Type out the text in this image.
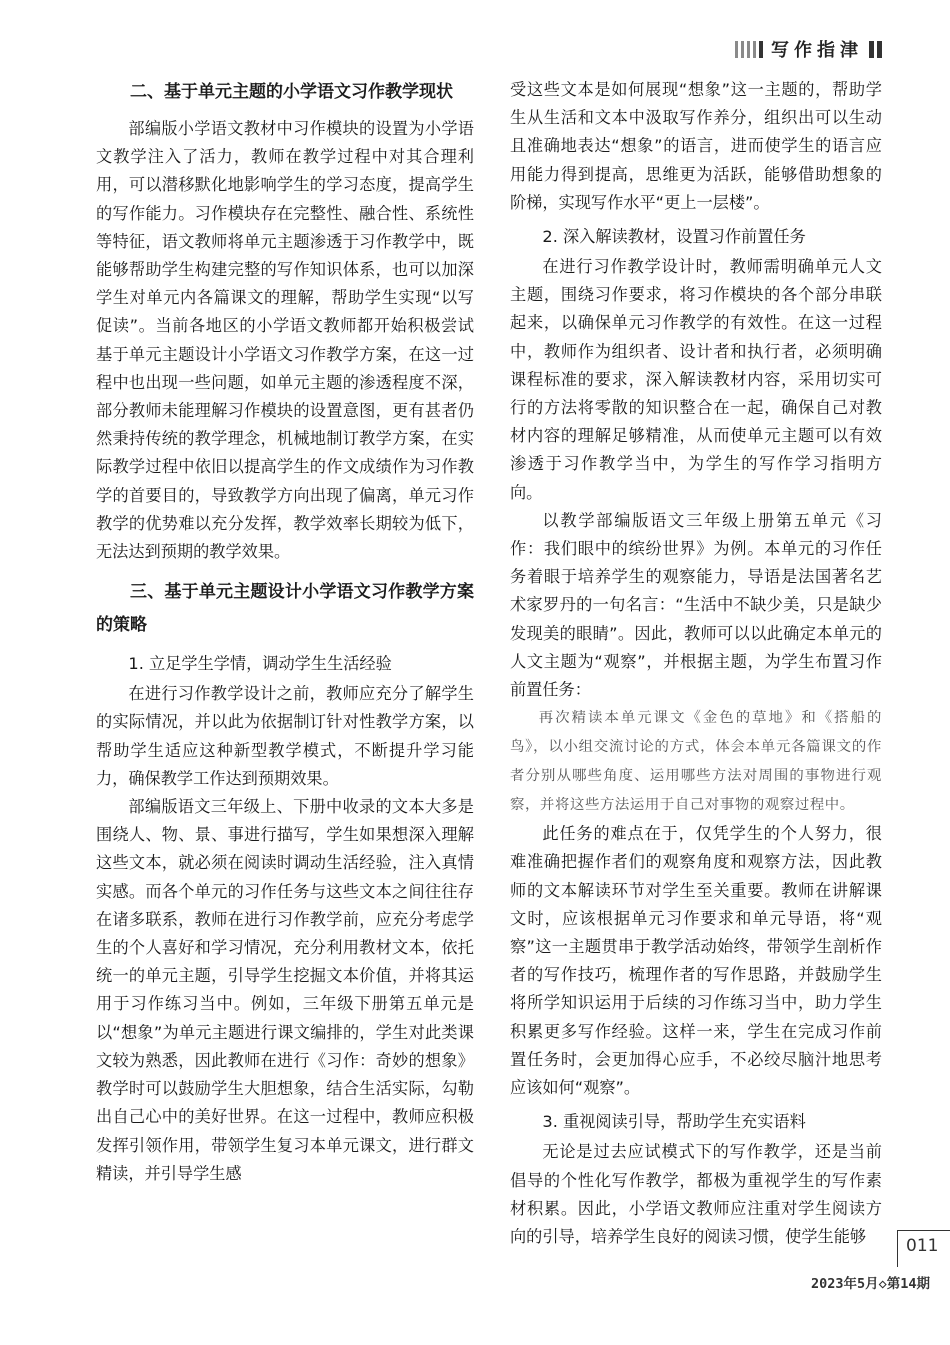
写作指津
二、基于单元主题的小学语文习作教学现状

部编版小学语文教材中习作模块的设置为小学语文教学注入了活力，教师在教学过程中对其合理利用，可以潜移默化地影响学生的学习态度，提高学生的写作能力。习作模块存在完整性、融合性、系统性等特征，语文教师将单元主题渗透于习作教学中，既能够帮助学生构建完整的写作知识体系，也可以加深学生对单元内各篇课文的理解，帮助学生实现“以写促读”。当前各地区的小学语文教师都开始积极尝试基于单元主题设计小学语文习作教学方案，在这一过程中也出现一些问题，如单元主题的渗透程度不深，部分教师未能理解习作模块的设置意图，更有甚者仍然秉持传统的教学理念，机械地制订教学方案，在实际教学过程中依旧以提高学生的作文成绩作为习作教学的首要目的，导致教学方向出现了偏离，单元习作教学的优势难以充分发挥，教学效率长期较为低下，无法达到预期的教学效果。

三、基于单元主题设计小学语文习作教学方案的策略
1. 立足学生学情，调动学生生活经验

在进行习作教学设计之前，教师应充分了解学生的实际情况，并以此为依据制订针对性教学方案，以帮助学生适应这种新型教学模式，不断提升学习能力，确保教学工作达到预期效果。

部编版语文三年级上、下册中收录的文本大多是围绕人、物、景、事进行描写，学生如果想深入理解这些文本，就必须在阅读时调动生活经验，注入真情实感。而各个单元的习作任务与这些文本之间往往存在诸多联系，教师在进行习作教学前，应充分考虑学生的个人喜好和学习情况，充分利用教材文本，依托统一的单元主题，引导学生挖掘文本价值，并将其运用于习作练习当中。例如，三年级下册第五单元是以“想象”为单元主题进行课文编排的，学生对此类课文较为熟悉，因此教师在进行《习作：奇妙的想象》教学时可以鼓励学生大胆想象，结合生活实际，勾勒出自己心中的美好世界。在这一过程中，教师应积极发挥引领作用，带领学生复习本单元课文，进行群文精读，并引导学生感

受这些文本是如何展现“想象”这一主题的，帮助学生从生活和文本中汲取写作养分，组织出可以生动且准确地表达“想象”的语言，进而使学生的语言应用能力得到提高，思维更为活跃，能够借助想象的阶梯，实现写作水平“更上一层楼”。

2. 深入解读教材，设置习作前置任务

在进行习作教学设计时，教师需明确单元人文主题，围绕习作要求，将习作模块的各个部分串联起来，以确保单元习作教学的有效性。在这一过程中，教师作为组织者、设计者和执行者，必须明确课程标准的要求，深入解读教材内容，采用切实可行的方法将零散的知识整合在一起，确保自己对教材内容的理解足够精准，从而使单元主题可以有效渗透于习作教学当中，为学生的写作学习指明方向。

以教学部编版语文三年级上册第五单元《习作：我们眼中的缤纷世界》为例。本单元的习作任务着眼于培养学生的观察能力，导语是法国著名艺术家罗丹的一句名言：“生活中不缺少美，只是缺少发现美的眼睛”。因此，教师可以以此确定本单元的人文主题为“观察”，并根据主题，为学生布置习作前置任务：

再次精读本单元课文《金色的草地》和《搭船的鸟》，以小组交流讨论的方式，体会本单元各篇课文的作者分别从哪些角度、运用哪些方法对周围的事物进行观察，并将这些方法运用于自己对事物的观察过程中。

此任务的难点在于，仅凭学生的个人努力，很难准确把握作者们的观察角度和观察方法，因此教师的文本解读环节对学生至关重要。教师在讲解课文时，应该根据单元习作要求和单元导语，将“观察”这一主题贯串于教学活动始终，带领学生剖析作者的写作技巧，梳理作者的写作思路，并鼓励学生将所学知识运用于后续的习作练习当中，助力学生积累更多写作经验。这样一来，学生在完成习作前置任务时，会更加得心应手，不必绞尽脑汁地思考应该如何“观察”。

3. 重视阅读引导，帮助学生充实语料

无论是过去应试模式下的写作教学，还是当前倡导的个性化写作教学，都极为重视学生的写作素材积累。因此，小学语文教师应注重对学生阅读方向的引导，培养学生良好的阅读习惯，使学生能够	011
2023年5月◇第14期
